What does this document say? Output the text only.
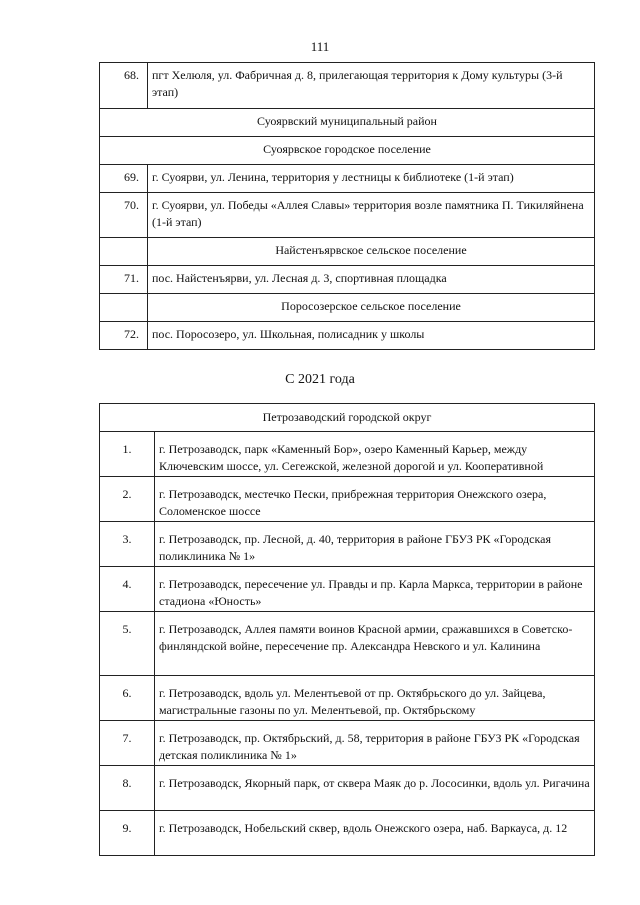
111
68.	пгт Хелюля, ул. Фабричная д. 8, прилегающая территория к Дому культуры (3-й этап)
Суоярвский муниципальный район	
Суоярвское городское поселение	
69.	г. Суоярви, ул. Ленина, территория у лестницы к библиотеке (1-й этап)
70.	г. Суоярви, ул. Победы «Аллея Славы» территория возле памятника П. Тикиляйнена (1-й этап)
	Найстенъярвское сельское поселение
71.	пос. Найстенъярви, ул. Лесная д. 3, спортивная площадка
	Поросозерское сельское поселение
72.	пос. Поросозеро, ул. Школьная, полисадник у школы
С 2021 года
Петрозаводский городской округ	
1.	г. Петрозаводск, парк «Каменный Бор», озеро Каменный Карьер, между Ключевским шоссе, ул. Сегежской, железной дорогой и ул. Кооперативной
2.	г. Петрозаводск, местечко Пески, прибрежная территория Онежского озера, Соломенское шоссе
3.	г. Петрозаводск, пр. Лесной, д. 40, территория в районе ГБУЗ РК «Городская поликлиника № 1»
4.	г. Петрозаводск, пересечение ул. Правды и пр. Карла Маркса, территории в районе стадиона «Юность»
5.	г. Петрозаводск, Аллея памяти воинов Красной армии, сражавшихся в Советско-финляндской войне, пересечение пр. Александра Невского и ул. Калинина
6.	г. Петрозаводск, вдоль ул. Мелентьевой от пр. Октябрьского до ул. Зайцева, магистральные газоны по ул. Мелентьевой, пр. Октябрьскому
7.	г. Петрозаводск, пр. Октябрьский, д. 58, территория в районе ГБУЗ РК «Городская детская поликлиника № 1»
8.	г. Петрозаводск, Якорный парк, от сквера Маяк до р. Лососинки, вдоль ул. Ригачина
9.	г. Петрозаводск, Нобельский сквер, вдоль Онежского озера, наб. Варкауса, д. 12
